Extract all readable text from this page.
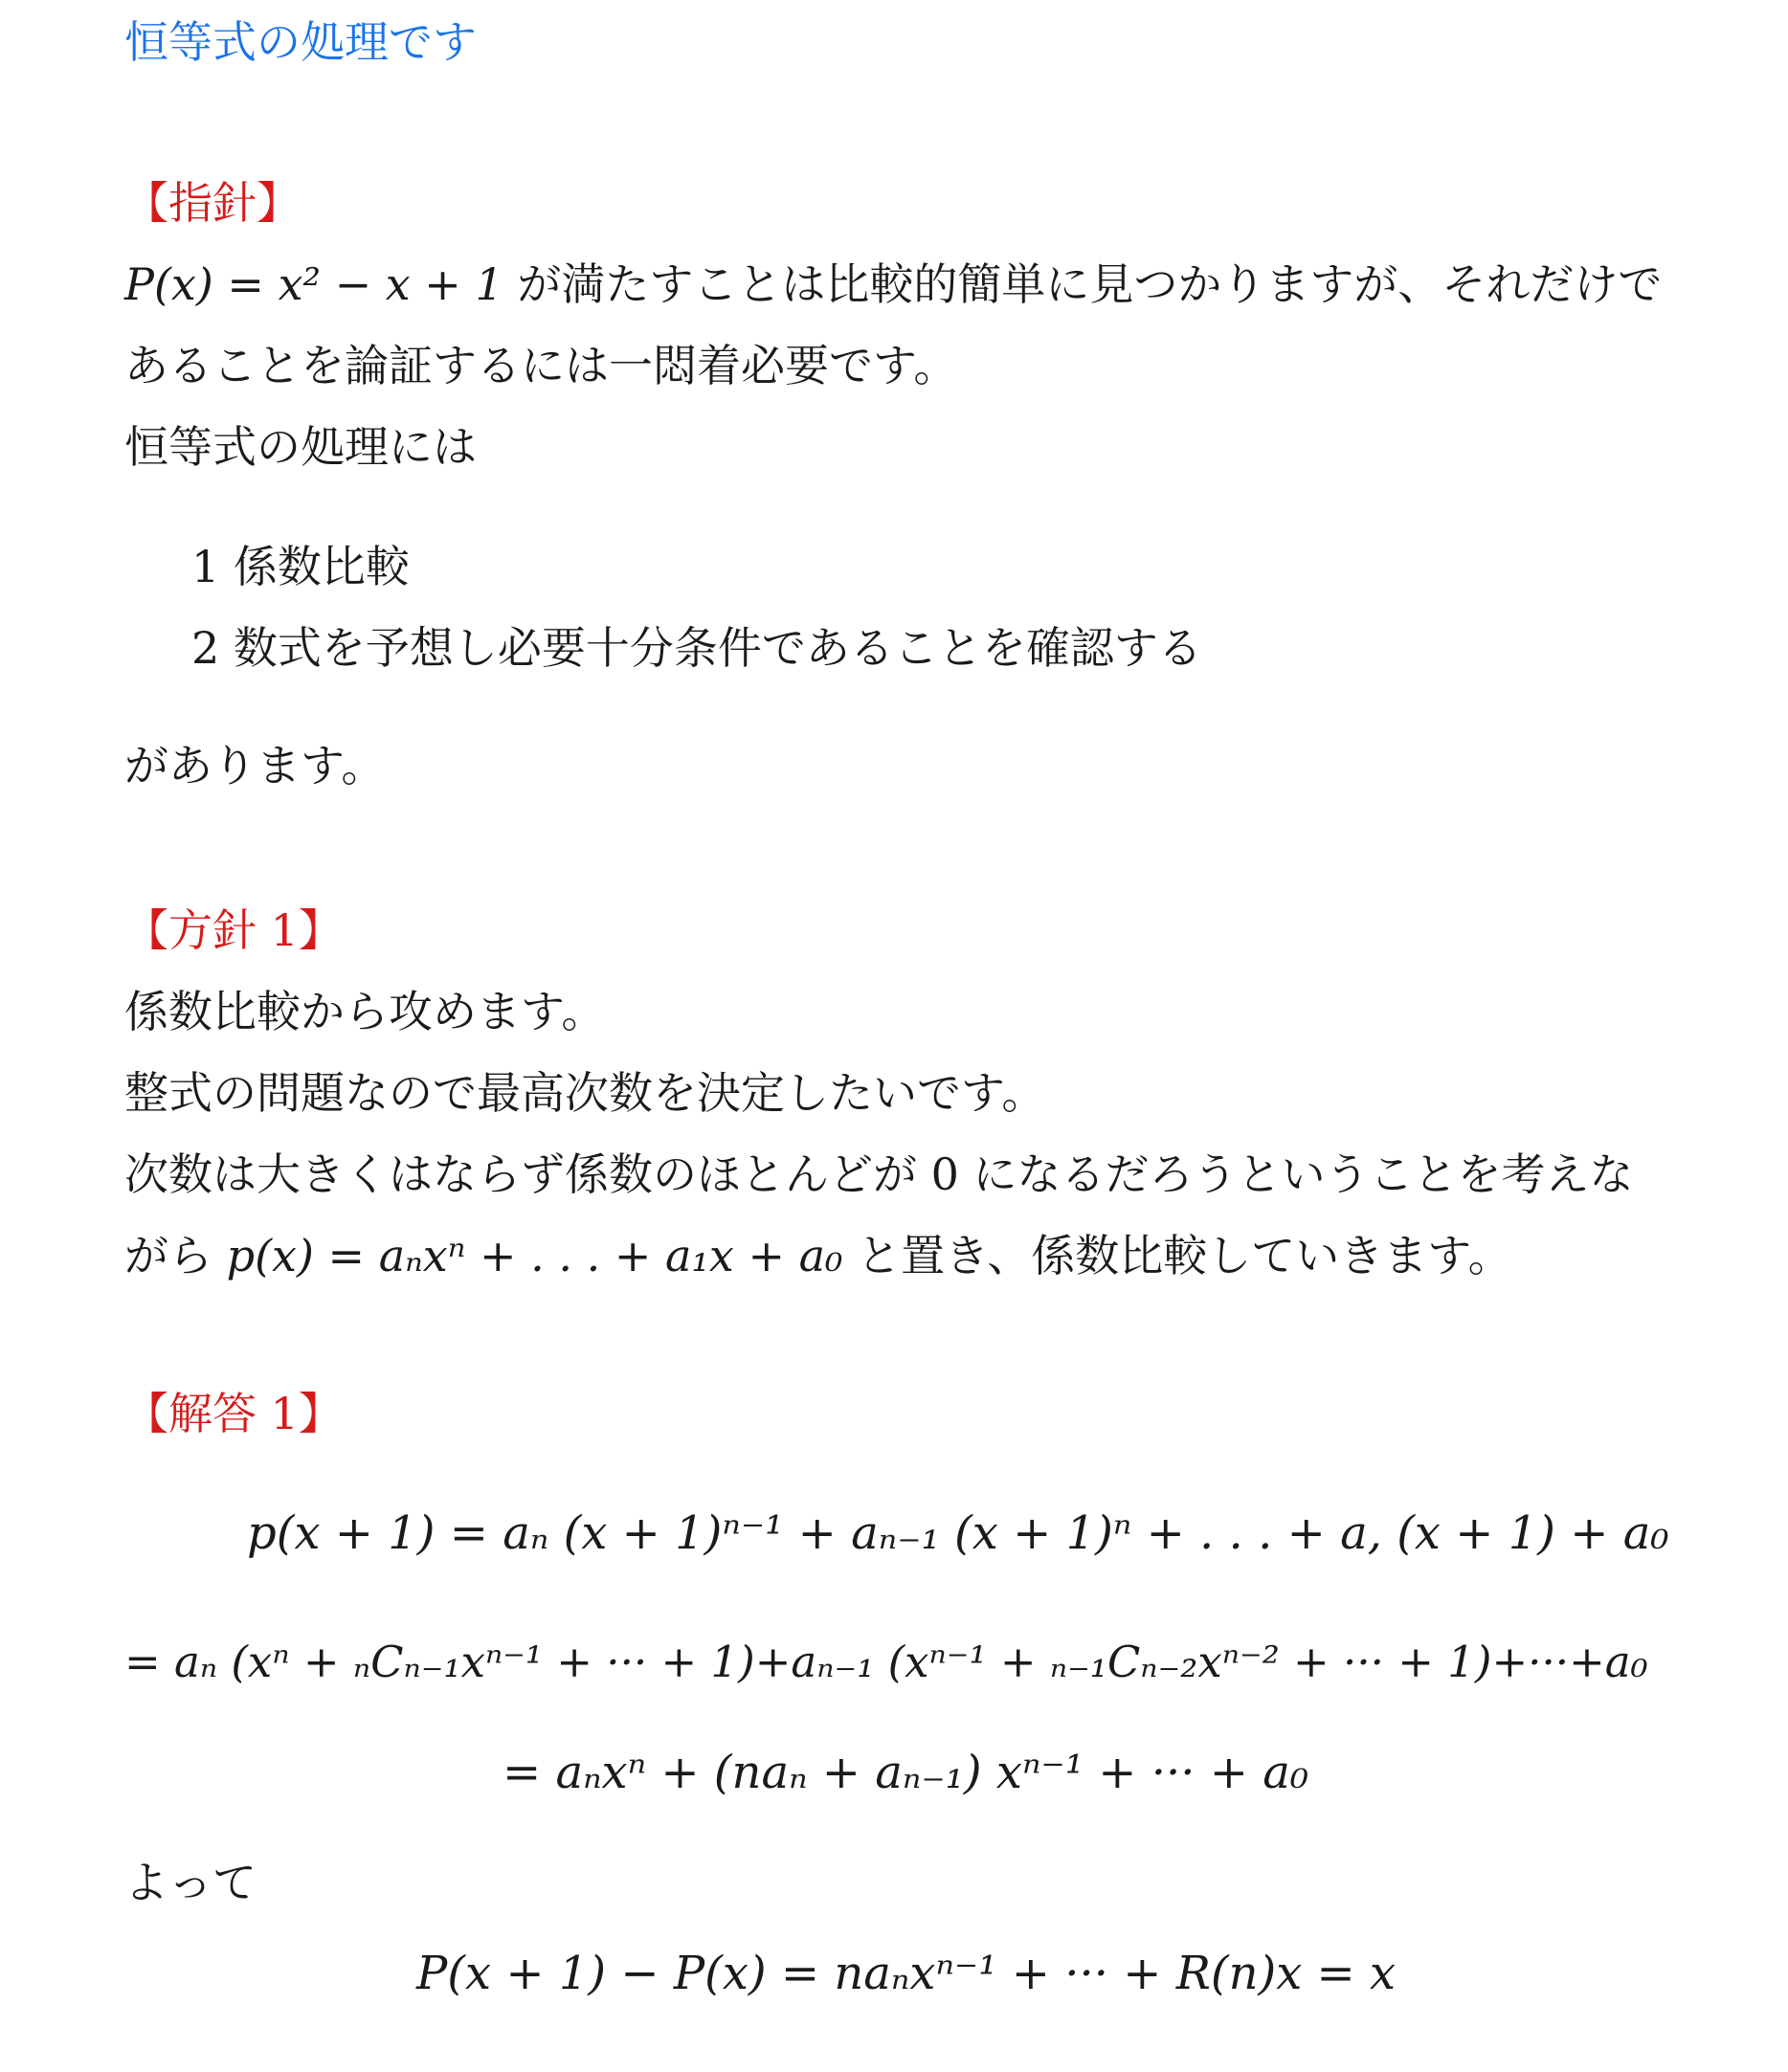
恒等式の処理です
【指針】
P(x) = x² − x + 1 が満たすことは比較的簡単に見つかりますが、それだけで
あることを論証するには一悶着必要です。
恒等式の処理には
1 係数比較
2 数式を予想し必要十分条件であることを確認する
があります。
【方針 1】
係数比較から攻めます。
整式の問題なので最高次数を決定したいです。
次数は大きくはならず係数のほとんどが 0 になるだろうということを考えな
がら p(x) = aₙxⁿ + . . . + a₁x + a₀ と置き、係数比較していきます。
【解答 1】
p(x + 1) = aₙ (x + 1)ⁿ⁻¹ + aₙ₋₁ (x + 1)ⁿ + . . . + a, (x + 1) + a₀
= aₙ (xⁿ + ₙCₙ₋₁xⁿ⁻¹ + ··· + 1)+aₙ₋₁ (xⁿ⁻¹ + ₙ₋₁Cₙ₋₂xⁿ⁻² + ··· + 1)+···+a₀
= aₙxⁿ + (naₙ + aₙ₋₁) xⁿ⁻¹ + ··· + a₀
よって
P(x + 1) − P(x) = naₙxⁿ⁻¹ + ··· + R(n)x = x
